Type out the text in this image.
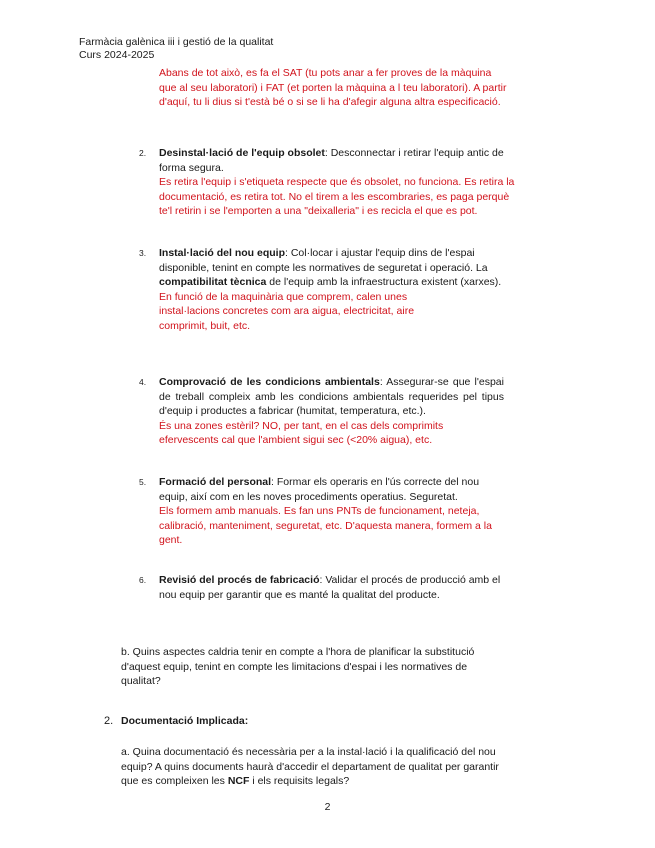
Farmàcia galènica iii i gestió de la qualitat
Curs 2024-2025
Abans de tot això, es fa el SAT (tu pots anar a fer proves de la màquina que al seu laboratori) i FAT (et porten la màquina a l teu laboratori). A partir d'aquí, tu li dius si t'està bé o si se li ha d'afegir alguna altra especificació.
2. Desinstal·lació de l'equip obsolet: Desconnectar i retirar l'equip antic de forma segura.
Es retira l'equip i s'etiqueta respecte que és obsolet, no funciona. Es retira la documentació, es retira tot. No el tirem a les escombraries, es paga perquè te'l retirin i se l'emporten a una "deixalleria" i es recicla el que es pot.
3. Instal·lació del nou equip: Col·locar i ajustar l'equip dins de l'espai disponible, tenint en compte les normatives de seguretat i operació. La compatibilitat tècnica de l'equip amb la infraestructura existent (xarxes).
En funció de la maquinària que comprem, calen unes instal·lacions concretes com ara aigua, electricitat, aire comprimit, buit, etc.
4. Comprovació de les condicions ambientals: Assegurar-se que l'espai de treball compleix amb les condicions ambientals requerides pel tipus d'equip i productes a fabricar (humitat, temperatura, etc.).
És una zones estèril? NO, per tant, en el cas dels comprimits efervescents cal que l'ambient sigui sec (<20% aigua), etc.
5. Formació del personal: Formar els operaris en l'ús correcte del nou equip, així com en les noves procediments operatius. Seguretat.
Els formem amb manuals. Es fan uns PNTs de funcionament, neteja, calibració, manteniment, seguretat, etc. D'aquesta manera, formem a la gent.
6. Revisió del procés de fabricació: Validar el procés de producció amb el nou equip per garantir que es manté la qualitat del producte.
b. Quins aspectes caldria tenir en compte a l'hora de planificar la substitució d'aquest equip, tenint en compte les limitacions d'espai i les normatives de qualitat?
2. Documentació Implicada:
a. Quina documentació és necessària per a la instal·lació i la qualificació del nou equip? A quins documents haurà d'accedir el departament de qualitat per garantir que es compleixen les NCF i els requisits legals?
2
